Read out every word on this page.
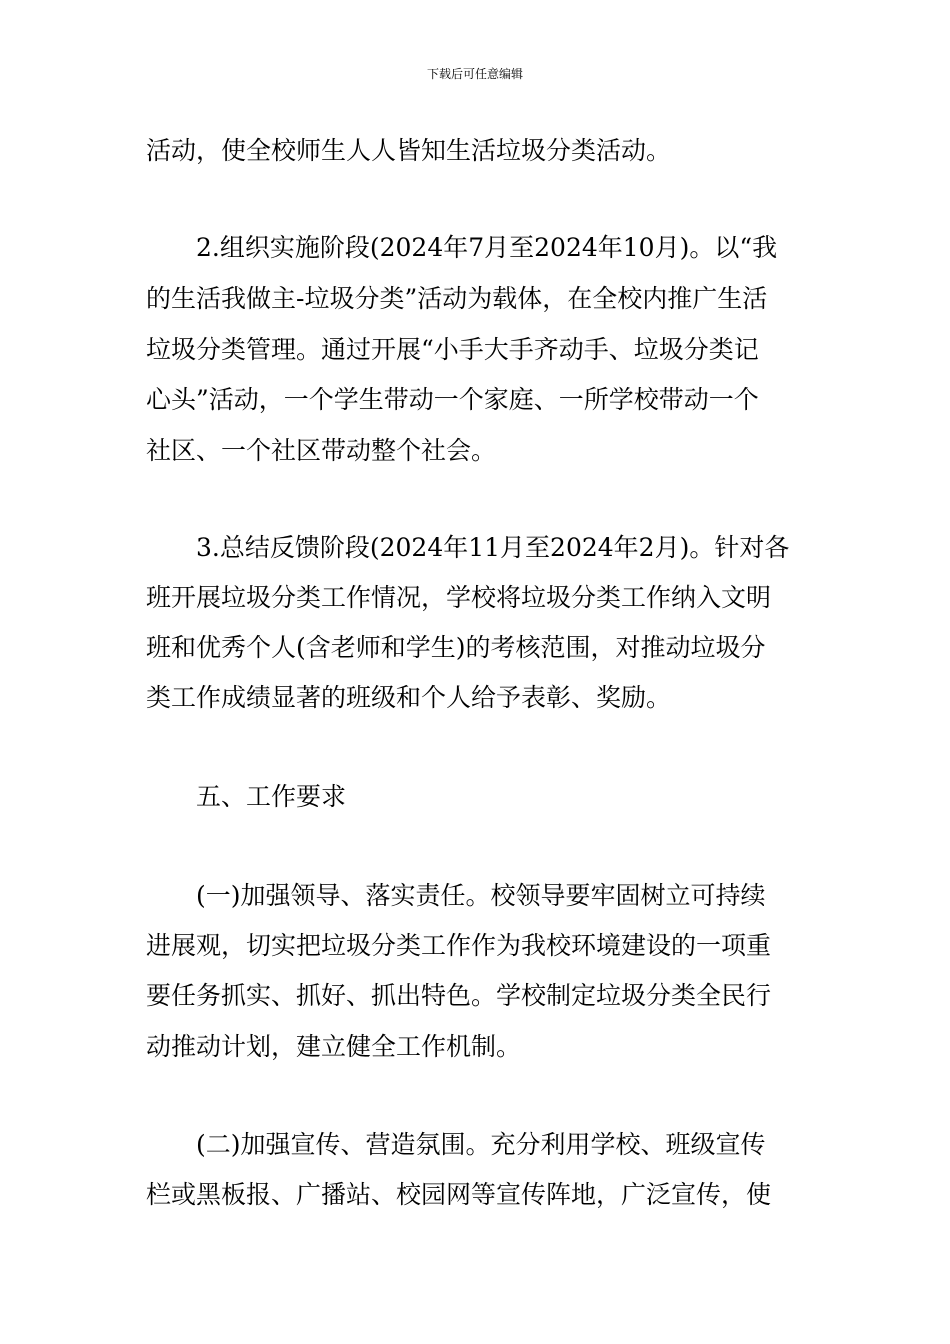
下载后可任意编辑
活动，使全校师生人人皆知生活垃圾分类活动。
2.组织实施阶段(2024年7月至2024年10月)。以“我
的生活我做主-垃圾分类”活动为载体，在全校内推广生活
垃圾分类管理。通过开展“小手大手齐动手、垃圾分类记
心头”活动，一个学生带动一个家庭、一所学校带动一个
社区、一个社区带动整个社会。
3.总结反馈阶段(2024年11月至2024年2月)。针对各
班开展垃圾分类工作情况，学校将垃圾分类工作纳入文明
班和优秀个人(含老师和学生)的考核范围，对推动垃圾分
类工作成绩显著的班级和个人给予表彰、奖励。
五、工作要求
(一)加强领导、落实责任。校领导要牢固树立可持续
进展观，切实把垃圾分类工作作为我校环境建设的一项重
要任务抓实、抓好、抓出特色。学校制定垃圾分类全民行
动推动计划，建立健全工作机制。
(二)加强宣传、营造氛围。充分利用学校、班级宣传
栏或黑板报、广播站、校园网等宣传阵地，广泛宣传，使
